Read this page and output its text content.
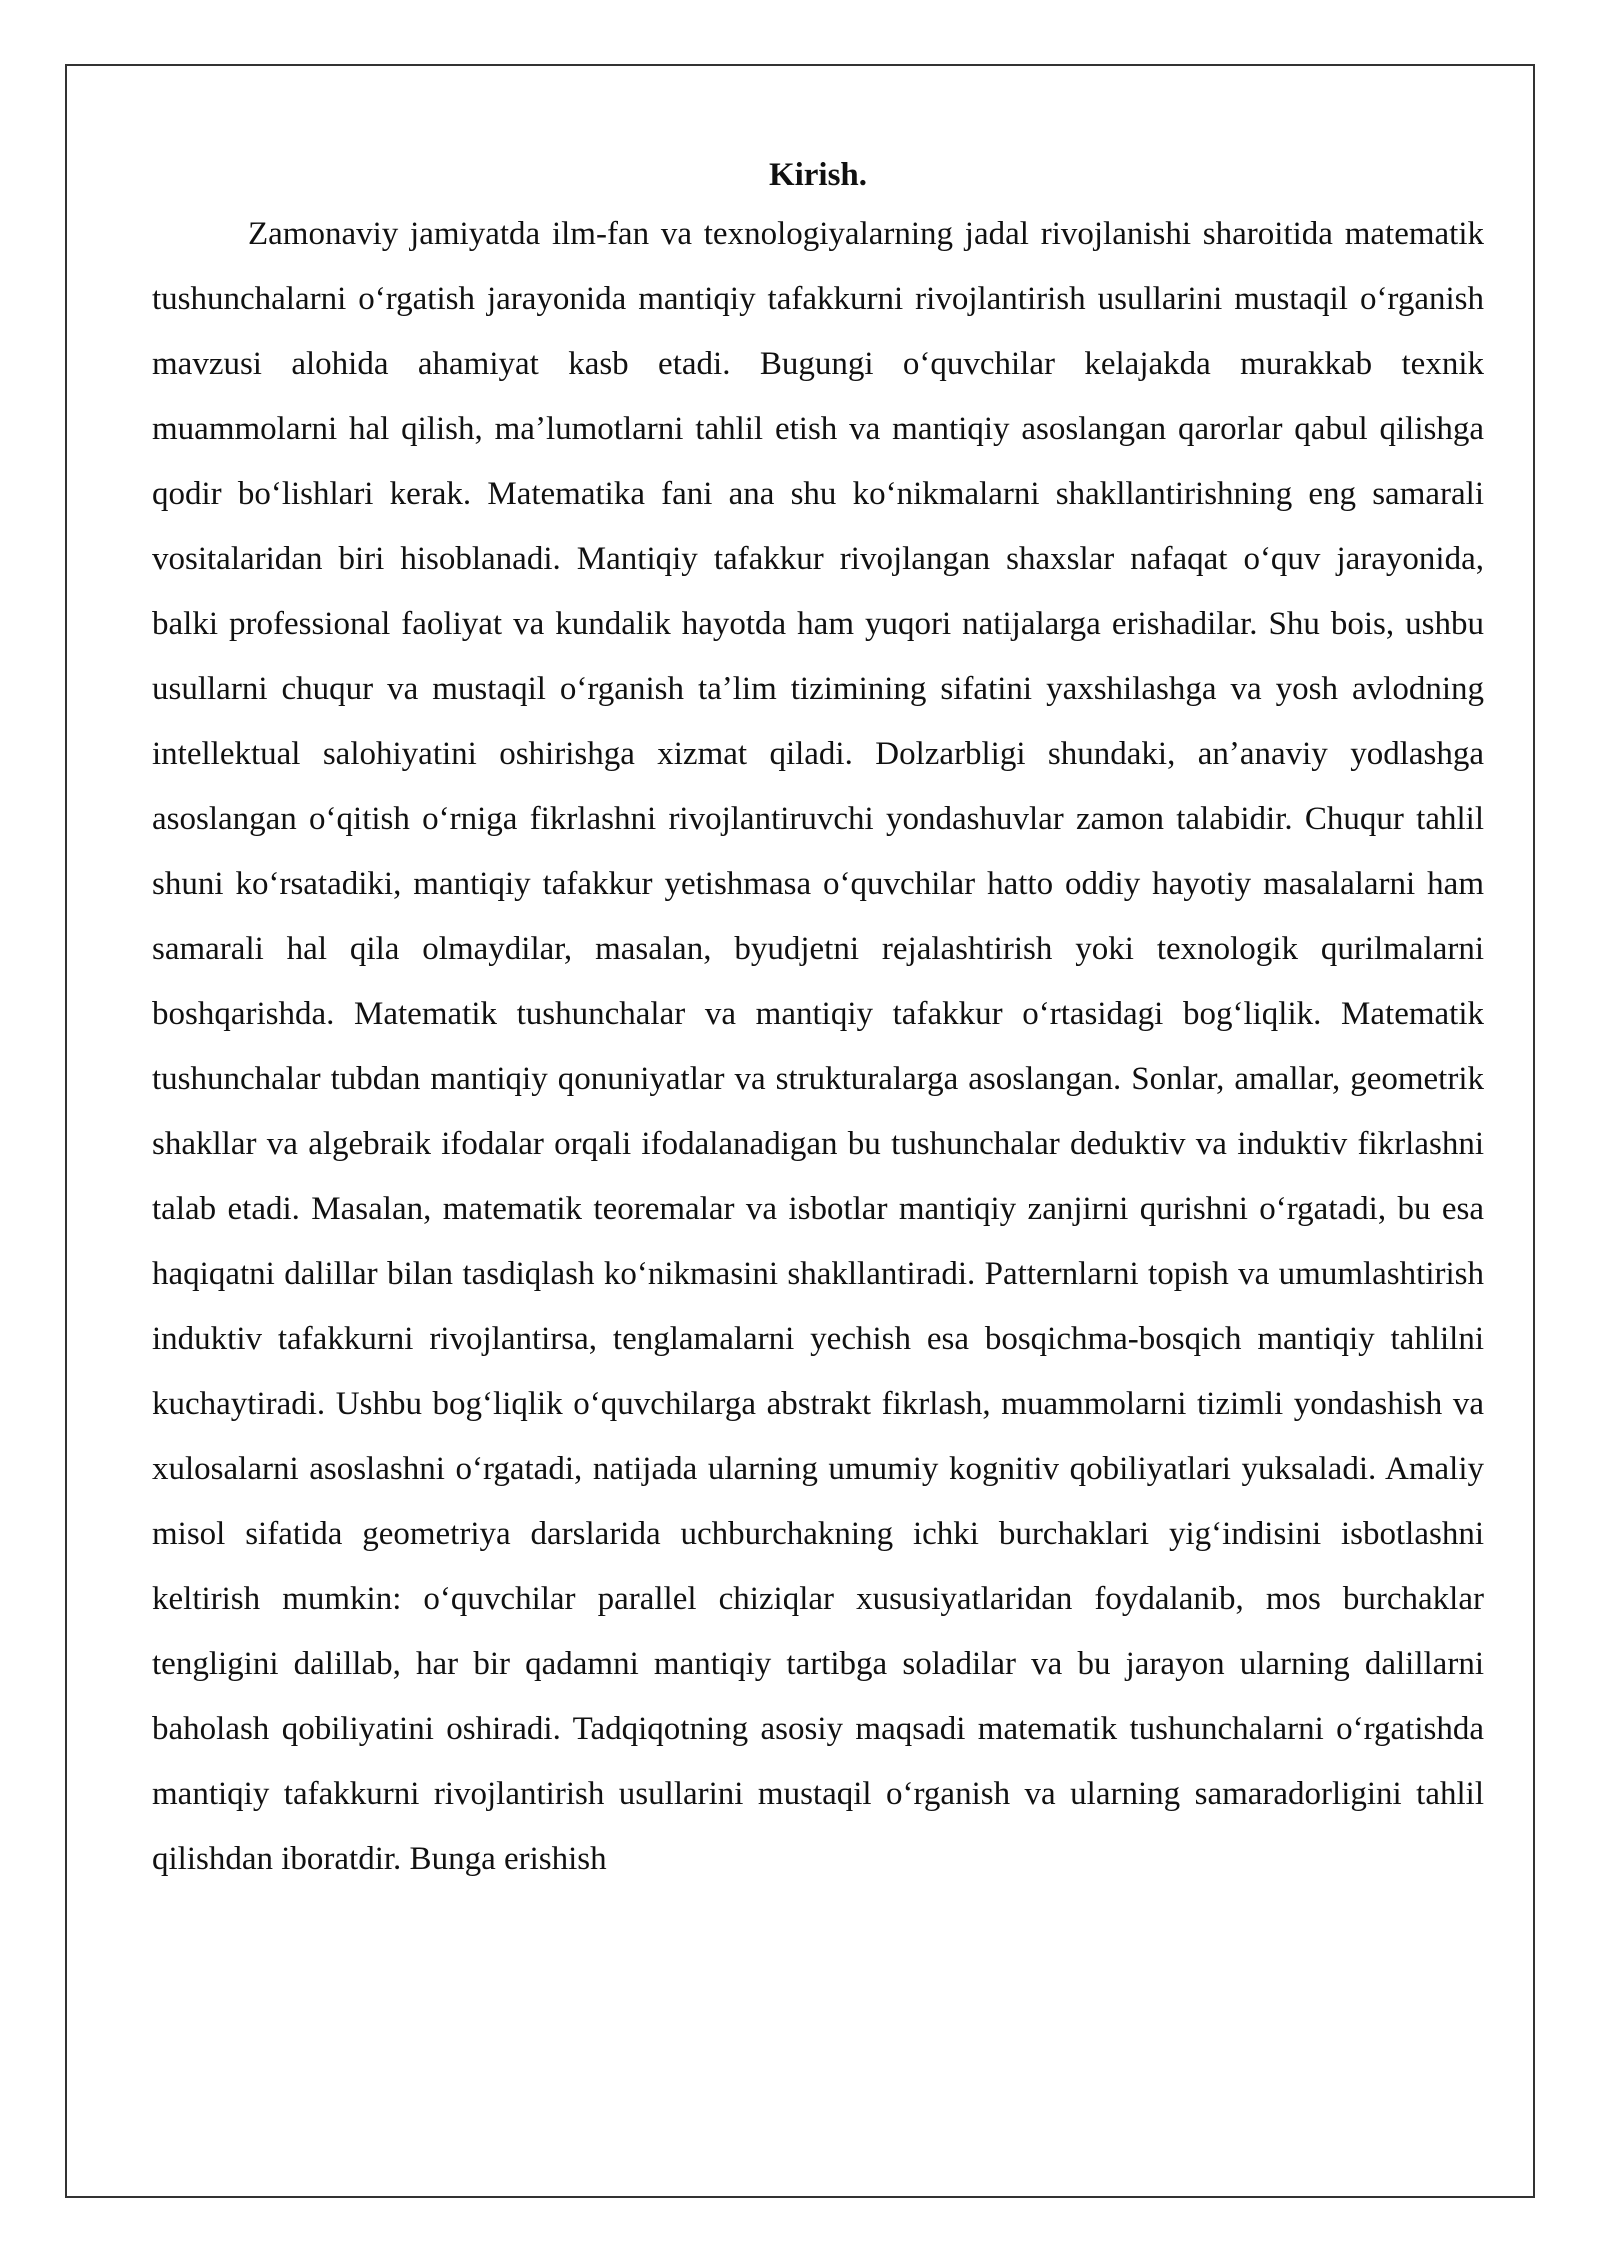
Kirish.

Zamonaviy jamiyatda ilm-fan va texnologiyalarning jadal rivojlanishi sharoitida matematik tushunchalarni oʻrgatish jarayonida mantiqiy tafakkurni rivojlantirish usullarini mustaqil oʻrganish mavzusi alohida ahamiyat kasb etadi. Bugungi oʻquvchilar kelajakda murakkab texnik muammolarni hal qilish, maʼlumotlarni tahlil etish va mantiqiy asoslangan qarorlar qabul qilishga qodir boʻlishlari kerak. Matematika fani ana shu koʻnikmalarni shakllantirishning eng samarali vositalaridan biri hisoblanadi. Mantiqiy tafakkur rivojlangan shaxslar nafaqat oʻquv jarayonida, balki professional faoliyat va kundalik hayotda ham yuqori natijalarga erishadilar. Shu bois, ushbu usullarni chuqur va mustaqil oʻrganish taʼlim tizimining sifatini yaxshilashga va yosh avlodning intellektual salohiyatini oshirishga xizmat qiladi. Dolzarbligi shundaki, anʼanaviy yodlashga asoslangan oʻqitish oʻrniga fikrlashni rivojlantiruvchi yondashuvlar zamon talabidir. Chuqur tahlil shuni koʻrsatadiki, mantiqiy tafakkur yetishmasa oʻquvchilar hatto oddiy hayotiy masalalarni ham samarali hal qila olmaydilar, masalan, byudjetni rejalashtirish yoki texnologik qurilmalarni boshqarishda. Matematik tushunchalar va mantiqiy tafakkur oʻrtasidagi bogʻliqlik. Matematik tushunchalar tubdan mantiqiy qonuniyatlar va strukturalarga asoslangan. Sonlar, amallar, geometrik shakllar va algebraik ifodalar orqali ifodalanadigan bu tushunchalar deduktiv va induktiv fikrlashni talab etadi. Masalan, matematik teoremalar va isbotlar mantiqiy zanjirni qurishni oʻrgatadi, bu esa haqiqatni dalillar bilan tasdiqlash koʻnikmasini shakllantiradi. Patternlarni topish va umumlashtirish induktiv tafakkurni rivojlantirsa, tenglamalarni yechish esa bosqichma-bosqich mantiqiy tahlilni kuchaytiradi. Ushbu bogʻliqlik oʻquvchilarga abstrakt fikrlash, muammolarni tizimli yondashish va xulosalarni asoslashni oʻrgatadi, natijada ularning umumiy kognitiv qobiliyatlari yuksaladi. Amaliy misol sifatida geometriya darslarida uchburchakning ichki burchaklari yigʻindisini isbotlashni keltirish mumkin: oʻquvchilar parallel chiziqlar xususiyatlaridan foydalanib, mos burchaklar tengligini dalillab, har bir qadamni mantiqiy tartibga soladilar va bu jarayon ularning dalillarni baholash qobiliyatini oshiradi. Tadqiqotning asosiy maqsadi matematik tushunchalarni oʻrgatishda mantiqiy tafakkurni rivojlantirish usullarini mustaqil oʻrganish va ularning samaradorligini tahlil qilishdan iboratdir. Bunga erishish
